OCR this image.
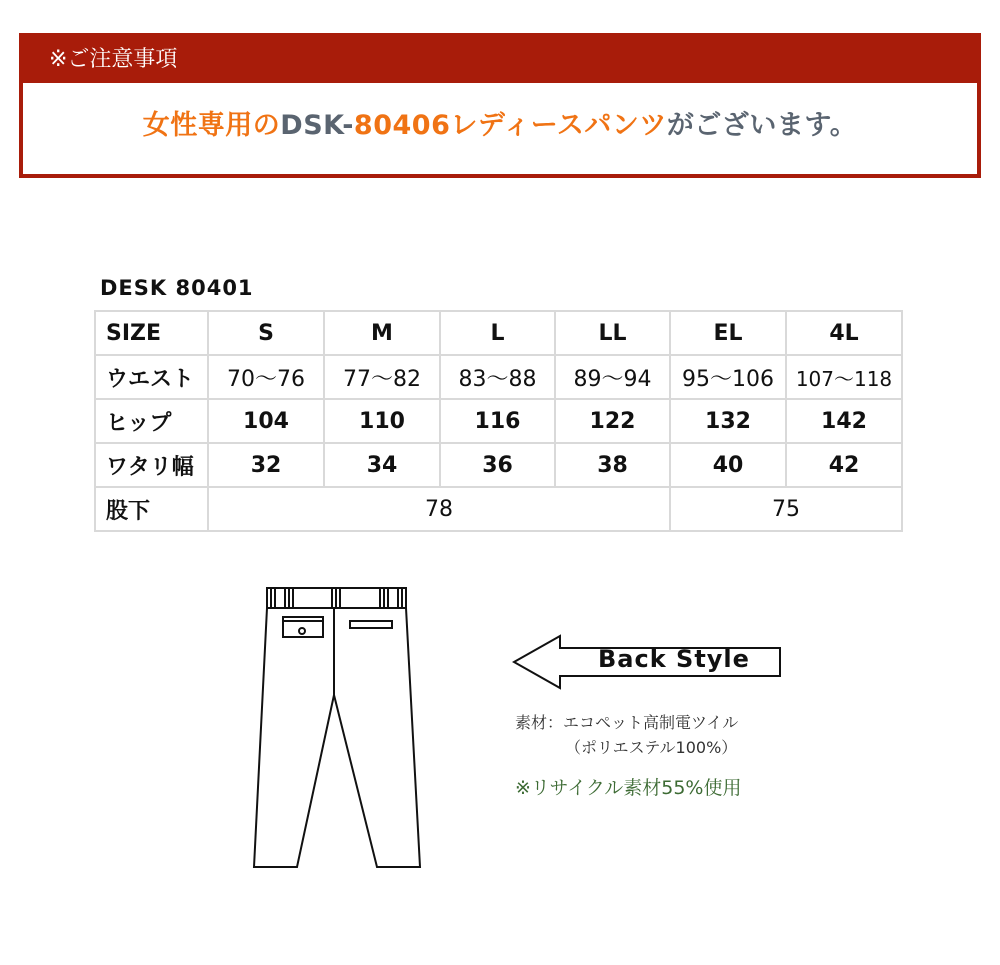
※ご注意事項
女性専用のDSK-80406レディースパンツがございます。
DESK 80401
SIZE	S	M	L	LL	EL	4L
ウエスト	70〜76	77〜82	83〜88	89〜94	95〜106	107〜118
ヒップ	104	110	116	122	132	142
ワタリ幅	32	34	36	38	40	42
股下	78				75	
Back Style
素材：エコペット高制電ツイル
（ポリエステル100%）
※リサイクル素材55%使用
